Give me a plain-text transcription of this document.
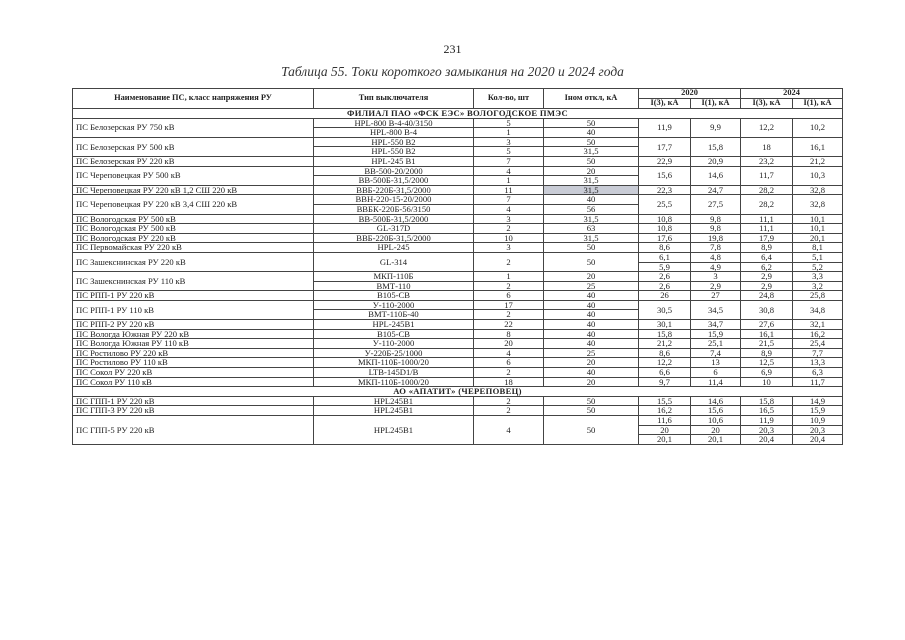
231
Таблица 55. Токи короткого замыкания на 2020 и 2024 года
Наименование ПС, класс напряжения РУ	Тип выключателя	Кол-во, шт	Iном откл, кА	2020		2024	
				I(3), кА	I(1), кА	I(3), кА	I(1), кА
ФИЛИАЛ ПАО «ФСК ЕЭС» ВОЛОГОДСКОЕ ПМЭС							
ПС Белозерская РУ 750 кВ	HPL-800 В-4-40/3150	5	50	11,9	9,9	12,2	10,2
	HPL-800 В-4	1	40				
ПС Белозерская РУ 500 кВ	HPL-550 В2	3	50	17,7	15,8	18	16,1
	HPL-550 В2	5	31,5				
ПС Белозерская РУ 220 кВ	HPL-245 В1	7	50	22,9	20,9	23,2	21,2
ПС Череповецкая РУ 500 кВ	ВВ-500-20/2000	4	20	15,6	14,6	11,7	10,3
	ВВ-500Б-31,5/2000	1	31,5				
ПС Череповецкая РУ 220 кВ 1,2 СШ 220 кВ	ВВБ-220Б-31,5/2000	11	31,5	22,3	24,7	28,2	32,8
ПС Череповецкая РУ 220 кВ 3,4 СШ 220 кВ	ВВН-220-15-20/2000	7	40	25,5	27,5	28,2	32,8
	ВВБК-220Б-56/3150	4	56				
ПС Вологодская РУ 500 кВ	ВВ-500Б-31,5/2000	3	31,5	10,8	9,8	11,1	10,1
ПС Вологодская РУ 500 кВ	GL-317D	2	63	10,8	9,8	11,1	10,1
ПС Вологодская РУ 220 кВ	ВВБ-220Б-31,5/2000	10	31,5	17,6	19,8	17,9	20,1
ПС Первомайская РУ 220 кВ	HPL-245	3	50	8,6	7,8	8,9	8,1
ПС Зашекснинская РУ 220 кВ	GL-314	2	50	6,1	4,8	6,4	5,1
				5,9	4,9	6,2	5,2
ПС Зашекснинская РУ 110 кВ	МКП-110Б	1	20	2,6	3	2,9	3,3
	ВМТ-110	2	25	2,6	2,9	2,9	3,2
ПС РПП-1 РУ 220 кВ	В105-СВ	6	40	26	27	24,8	25,8
ПС РПП-1 РУ 110 кВ	У-110-2000	17	40	30,5	34,5	30,8	34,8
	ВМТ-110Б-40	2	40				
ПС РПП-2 РУ 220 кВ	HPL-245В1	22	40	30,1	34,7	27,6	32,1
ПС Вологда Южная РУ 220 кВ	В105-СВ	8	40	15,8	15,9	16,1	16,2
ПС Вологда Южная РУ 110 кВ	У-110-2000	20	40	21,2	25,1	21,5	25,4
ПС Ростилово РУ 220 кВ	У-220Б-25/1000	4	25	8,6	7,4	8,9	7,7
ПС Ростилово РУ 110 кВ	МКП-110Б-1000/20	6	20	12,2	13	12,5	13,3
ПС Сокол РУ 220 кВ	LTB-145D1/B	2	40	6,6	6	6,9	6,3
ПС Сокол РУ 110 кВ	МКП-110Б-1000/20	18	20	9,7	11,4	10	11,7
АО «АПАТИТ» (ЧЕРЕПОВЕЦ)							
ПС ГПП-1 РУ 220 кВ	HPL245B1	2	50	15,5	14,6	15,8	14,9
ПС ГПП-3 РУ 220 кВ	HPL245B1	2	50	16,2	15,6	16,5	15,9
ПС ГПП-5 РУ 220 кВ	HPL245B1	4	50	11,6	10,6	11,9	10,9
				20	20	20,3	20,3
				20,1	20,1	20,4	20,4
